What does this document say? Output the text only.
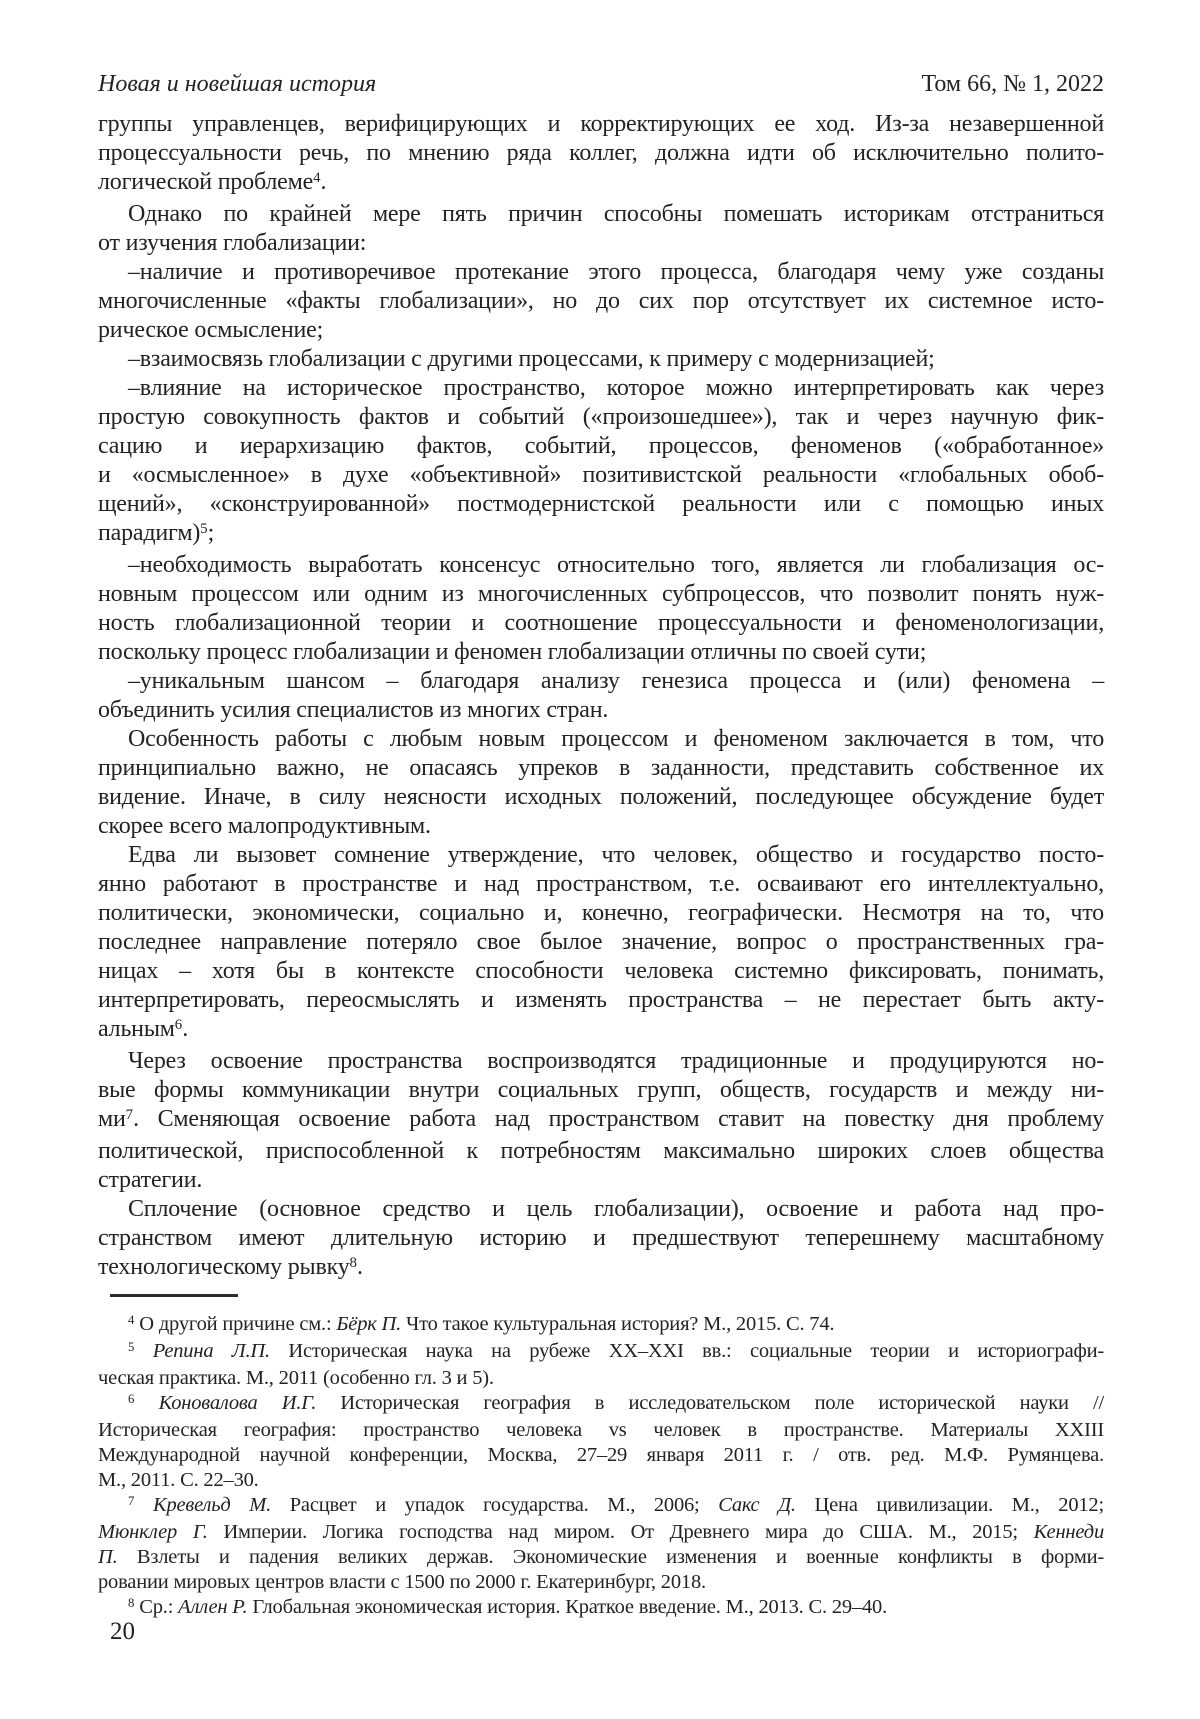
Новая и новейшая история	Том 66, № 1, 2022
группы управленцев, верифицирующих и корректирующих ее ход. Из-за незавершенной
процессуальности речь, по мнению ряда коллег, должна идти об исключительно полито-
логической проблеме$^4$.
Однако по крайней мере пять причин способны помешать историкам отстраниться
от изучения глобализации:
–наличие и противоречивое протекание этого процесса, благодаря чему уже созданы
многочисленные «факты глобализации», но до сих пор отсутствует их системное исто-
рическое осмысление;
–взаимосвязь глобализации с другими процессами, к примеру с модернизацией;
–влияние на историческое пространство, которое можно интерпретировать как через
простую совокупность фактов и событий («произошедшее»), так и через научную фик-
сацию и иерархизацию фактов, событий, процессов, феноменов («обработанное»
и «осмысленное» в духе «объективной» позитивистской реальности «глобальных обоб-
щений», «сконструированной» постмодернистской реальности или с помощью иных
парадигм)$^5$;
–необходимость выработать консенсус относительно того, является ли глобализация ос-
новным процессом или одним из многочисленных субпроцессов, что позволит понять нуж-
ность глобализационной теории и соотношение процессуальности и феноменологизации,
поскольку процесс глобализации и феномен глобализации отличны по своей сути;
–уникальным шансом – благодаря анализу генезиса процесса и (или) феномена –
объединить усилия специалистов из многих стран.
Особенность работы с любым новым процессом и феноменом заключается в том, что
принципиально важно, не опасаясь упреков в заданности, представить собственное их
видение. Иначе, в силу неясности исходных положений, последующее обсуждение будет
скорее всего малопродуктивным.
Едва ли вызовет сомнение утверждение, что человек, общество и государство посто-
янно работают в пространстве и над пространством, т.е. осваивают его интеллектуально,
политически, экономически, социально и, конечно, географически. Несмотря на то, что
последнее направление потеряло свое былое значение, вопрос о пространственных гра-
ницах – хотя бы в контексте способности человека системно фиксировать, понимать,
интерпретировать, переосмыслять и изменять пространства – не перестает быть акту-
альным$^6$.
Через освоение пространства воспроизводятся традиционные и продуцируются но-
вые формы коммуникации внутри социальных групп, обществ, государств и между ни-
$ми^7$. Сменяющая освоение работа над пространством ставит на повестку дня проблему
политической, приспособленной к потребностям максимально широких слоев общества
стратегии.
Сплочение (основное средство и цель глобализации), освоение и работа над про-
странством имеют длительную историю и предшествуют теперешнему масштабному
технологическому рывку$^8$.
$^4$ О другой причине см.: Бёрк П. Что такое культуральная история? М., 2015. С. 74.
$^5$ Репина Л.П. Историческая наука на рубеже XX–XXI вв.: социальные теории и историографи-
ческая практика. М., 2011 (особенно гл. 3 и 5).
$^6$ Коновалова И.Г. Историческая география в исследовательском поле исторической науки //
Историческая география: пространство человека vs человек в пространстве. Материалы XXIII
Международной научной конференции, Москва, 27–29 января 2011 г. / отв. ред. М.Ф. Румянцева.
М., 2011. С. 22–30.
$^7$ Кревельд М. Расцвет и упадок государства. М., 2006; Сакс Д. Цена цивилизации. М., 2012;
Мюнклер Г. Империи. Логика господства над миром. От Древнего мира до США. М., 2015; Кеннеди
П. Взлеты и падения великих держав. Экономические изменения и военные конфликты в форми-
ровании мировых центров власти с 1500 по 2000 г. Екатеринбург, 2018.
$^8$ Ср.: Аллен Р. Глобальная экономическая история. Краткое введение. М., 2013. С. 29–40.
20
